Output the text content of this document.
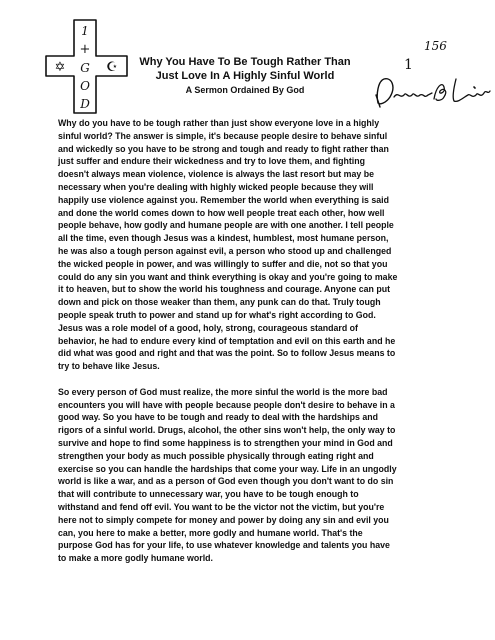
✡	☪
1
+
G
O
D
Why You Have To Be Tough Rather Than
Just Love In A Highly Sinful World
A Sermon Ordained By God
156
1

Why do you have to be tough rather than just show everyone love in a highly
sinful world? The answer is simple, it's because people desire to behave sinful
and wickedly so you have to be strong and tough and ready to fight rather than
just suffer and endure their wickedness and try to love them, and fighting
doesn't always mean violence, violence is always the last resort but may be
necessary when you're dealing with highly wicked people because they will
happily use violence against you. Remember the world when everything is said
and done the world comes down to how well people treat each other, how well
people behave, how godly and humane people are with one another. I tell people
all the time, even though Jesus was a kindest, humblest, most humane person,
he was also a tough person against evil, a person who stood up and challenged
the wicked people in power, and was willingly to suffer and die, not so that you
could do any sin you want and think everything is okay and you're going to make
it to heaven, but to show the world his toughness and courage. Anyone can put
down and pick on those weaker than them, any punk can do that. Truly tough
people speak truth to power and stand up for what's right according to God.
Jesus was a role model of a good, holy, strong, courageous standard of
behavior, he had to endure every kind of temptation and evil on this earth and he
did what was good and right and that was the point. So to follow Jesus means to
try to behave like Jesus.

So every person of God must realize, the more sinful the world is the more bad
encounters you will have with people because people don't desire to behave in a
good way. So you have to be tough and ready to deal with the hardships and
rigors of a sinful world. Drugs, alcohol, the other sins won't help, the only way to
survive and hope to find some happiness is to strengthen your mind in God and
strengthen your body as much possible physically through eating right and
exercise so you can handle the hardships that come your way. Life in an ungodly
world is like a war, and as a person of God even though you don't want to do sin
that will contribute to unnecessary war, you have to be tough enough to
withstand and fend off evil. You want to be the victor not the victim, but you're
here not to simply compete for money and power by doing any sin and evil you
can, you here to make a better, more godly and humane world. That's the
purpose God has for your life, to use whatever knowledge and talents you have
to make a more godly humane world.
